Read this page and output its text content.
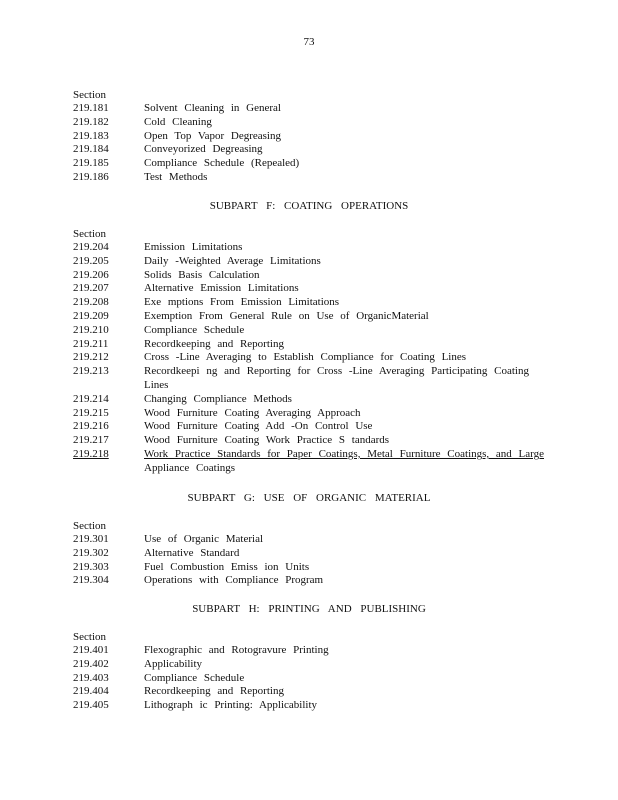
73
Section
219.181	Solvent Cleaning in General
219.182	Cold Cleaning
219.183	Open Top Vapor Degreasing
219.184	Conveyorized Degreasing
219.185	Compliance Schedule (Repealed)
219.186	Test Methods
SUBPART F: COATING OPERATIONS
Section
219.204	Emission Limitations
219.205	Daily -Weighted Average Limitations
219.206	Solids Basis Calculation
219.207	Alternative Emission Limitations
219.208	Exe mptions From Emission Limitations
219.209	Exemption From General Rule on Use of OrganicMaterial
219.210	Compliance Schedule
219.211	Recordkeeping and Reporting
219.212	Cross -Line Averaging to Establish Compliance for Coating Lines
219.213	Recordkeepi ng and Reporting for Cross -Line Averaging Participating Coating
Lines
219.214	Changing Compliance Methods
219.215	Wood Furniture Coating Averaging Approach
219.216	Wood Furniture Coating Add -On Control Use
219.217	Wood Furniture Coating Work Practice S tandards
219.218	Work Practice Standards for Paper Coatings, Metal Furniture Coatings, and Large
Appliance Coatings
SUBPART G: USE OF ORGANIC MATERIAL
Section
219.301	Use of Organic Material
219.302	Alternative Standard
219.303	Fuel Combustion Emiss ion Units
219.304	Operations with Compliance Program
SUBPART H: PRINTING AND PUBLISHING
Section
219.401	Flexographic and Rotogravure Printing
219.402	Applicability
219.403	Compliance Schedule
219.404	Recordkeeping and Reporting
219.405	Lithograph ic Printing: Applicability
